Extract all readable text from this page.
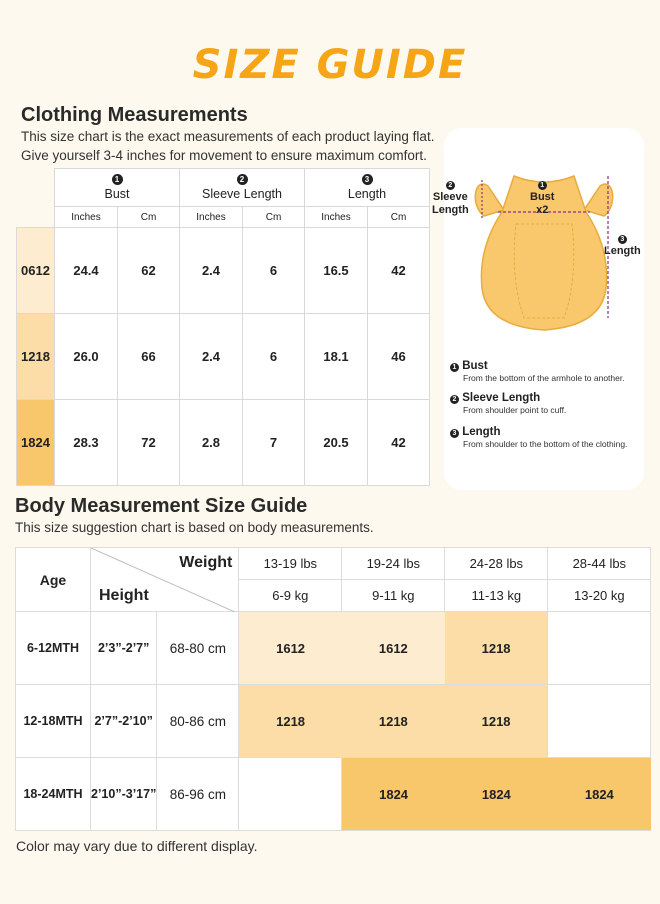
SIZE GUIDE
Clothing Measurements
This size chart is the exact measurements of each product laying flat.
Give yourself 3-4 inches for movement to ensure maximum comfort.

	1
Bust		2
Sleeve Length		3
Length	
	Inches	Cm	Inches	Cm	Inches	Cm
0612	24.4	62	2.4	6	16.5	42
1218	26.0	66	2.4	6	18.1	46
1824	28.3	72	2.8	7	20.5	42
1
Bust
x2
2
Sleeve
Length
3
Length
1 Bust
From the bottom of the armhole to another.
2 Sleeve Length
From shoulder point to cuff.
3 Length
From shoulder to the bottom of the clothing.
Body Measurement Size Guide
This size suggestion chart is based on body measurements.
Age	Weight
Height		13-19 lbs	19-24 lbs	24-28 lbs	28-44 lbs
			6-9 kg	9-11 kg	11-13 kg	13-20 kg
6-12MTH	2’3”-2’7”	68-80 cm	1612	1612	1218	
12-18MTH	2’7”-2’10”	80-86 cm	1218	1218	1218	
18-24MTH	2’10”-3’17”	86-96 cm		1824	1824	1824
Color may vary due to different display.
